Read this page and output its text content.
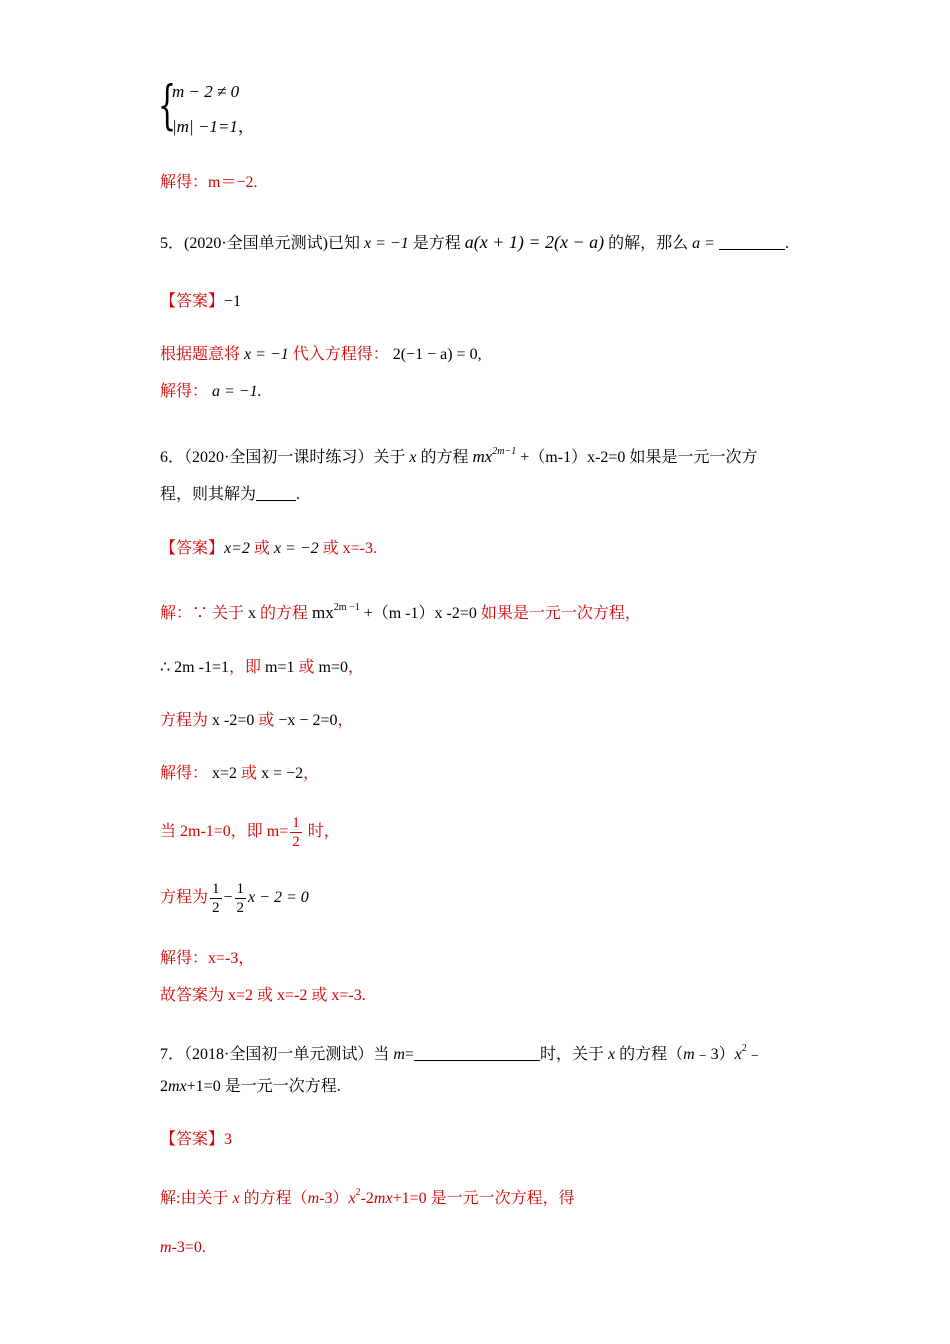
{
m − 2 ≠ 0
|m| −1=1，
解得：m＝−2.
5．(2020·全国单元测试)已知 x = −1 是方程 a(x + 1) = 2(x − a) 的解，那么 a =	.
【答案】−1
根据题意将 x = −1 代入方程得： 2(−1 − a) = 0,
解得： a = −1.
6．（2020·全国初一课时练习）关于 x 的方程 $mx^{2m-1} +(m-1)x-2=0$ 如果是一元一次方
程，则其解为	.
【答案】x=2 或 x = −2 或 x=-3.
解：∵ 关于 x 的方程 $mx^{2m -1} +(m$ -1）x -2=0 如果是一元一次方程，
∴ 2m -1=1，即 m=1 或 m=0，
方程为 x -2=0 或 −x − 2=0，
解得： x=2 或 x = −2，
当 2m-1=0，即 $m= \frac{1}{2}$ 时，
方程为 $\frac{1}{2} - \frac{1}{2}$ x − 2 = 0
解得：x=-3，
故答案为 x=2 或 x=-2 或 x=-3.
7．（2018·全国初一单元测试）当 m=	时，关于 x 的方程$(m﹣3)x^2﹣$
2mx+1=0 是一元一次方程.
【答案】3
解:由关于 x 的方程$(m-3)x^2-2mx+1=0$ 是一元一次方程，得
m-3=0.
